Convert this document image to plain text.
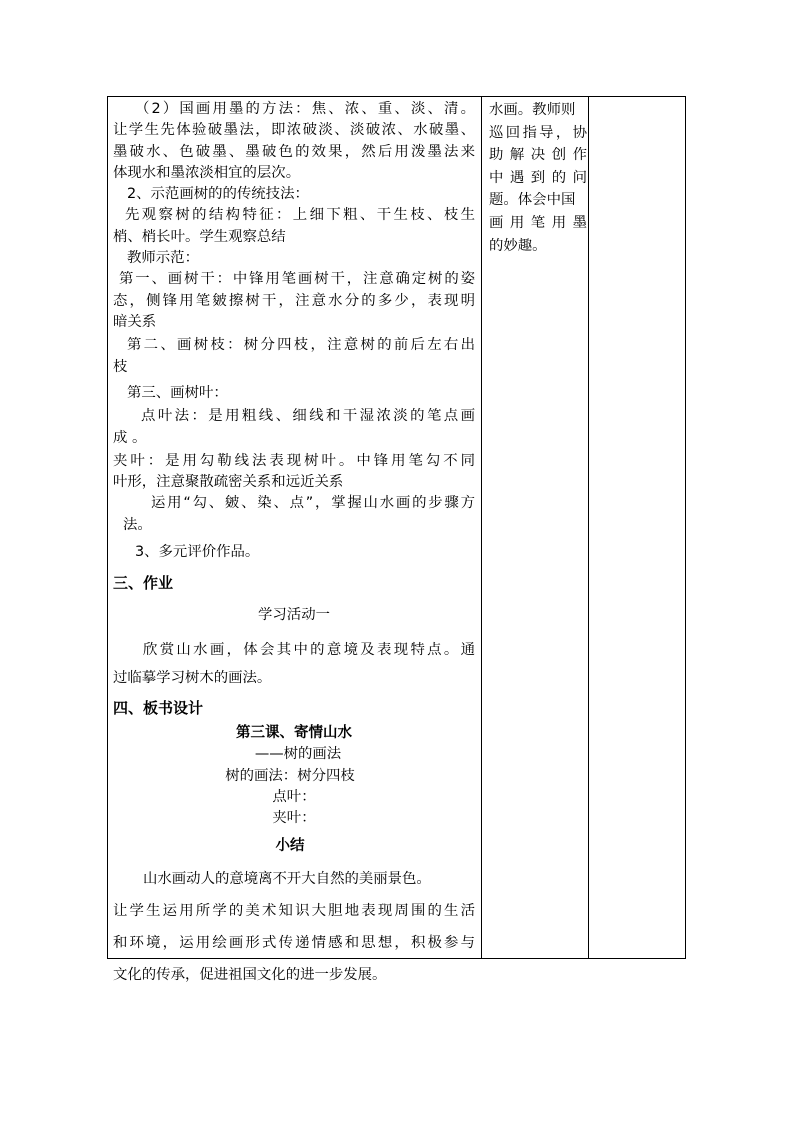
（2）国画用墨的方法：焦、浓、重、淡、清。
让学生先体验破墨法，即浓破淡、淡破浓、水破墨、
墨破水、色破墨、墨破色的效果，然后用泼墨法来
体现水和墨浓淡相宜的层次。
2、示范画树的的传统技法：
先观察树的结构特征：上细下粗、干生枝、枝生
梢、梢长叶。学生观察总结
教师示范：
第一、画树干：中锋用笔画树干，注意确定树的姿
态，侧锋用笔皴擦树干，注意水分的多少，表现明
暗关系
第二、画树枝：树分四枝，注意树的前后左右出
枝
第三、画树叶：
点叶法：是用粗线、细线和干湿浓淡的笔点画
成 。
夹叶：是用勾勒线法表现树叶。中锋用笔勾不同
叶形，注意聚散疏密关系和远近关系
运用“勾、皴、染、点”，掌握山水画的步骤方
法。
3、多元评价作品。
三、作业
学习活动一
欣赏山水画，体会其中的意境及表现特点。通
过临摹学习树木的画法。
四、板书设计
第三课、寄情山水
——树的画法
树的画法：树分四枝
点叶：
夹叶：
小结
山水画动人的意境离不开大自然的美丽景色。
让学生运用所学的美术知识大胆地表现周围的生活
和环境，运用绘画形式传递情感和思想，积极参与
文化的传承，促进祖国文化的进一步发展。
水画。教师则
巡回指导，协
助解决创作
中遇到的问
题。体会中国
画用笔用墨
的妙趣。
